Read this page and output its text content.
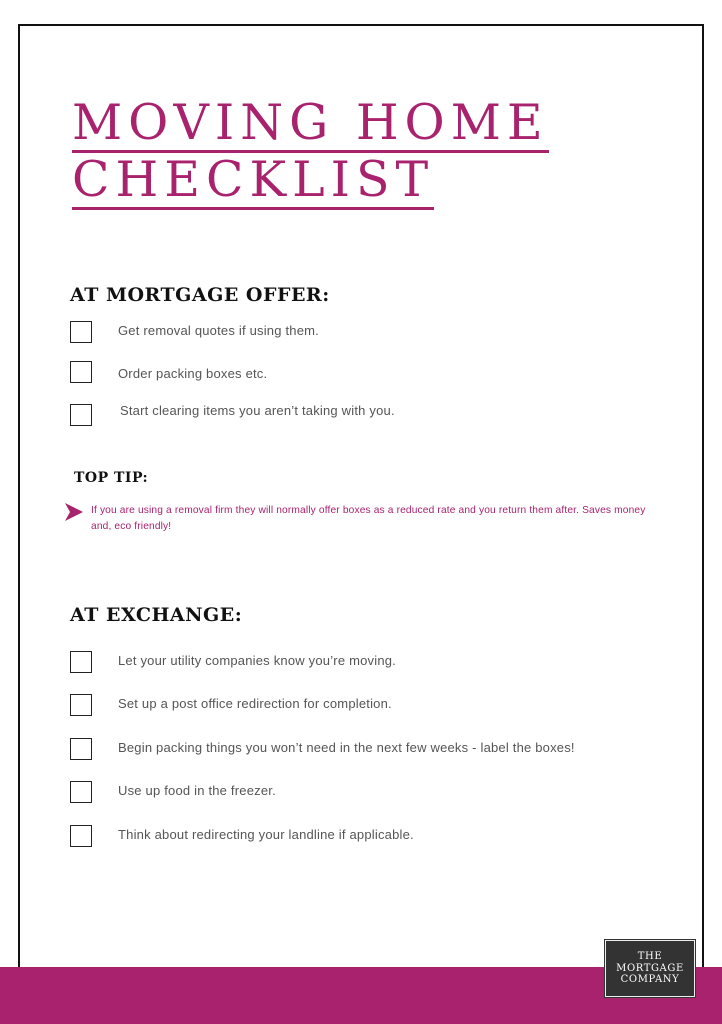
MOVING HOME
CHECKLIST
AT MORTGAGE OFFER:
Get removal quotes if using them.
Order packing boxes etc.
Start clearing items you aren’t taking with you.
TOP TIP:

If you are using a removal firm they will normally offer boxes as a reduced rate and you return them after. Saves money and, eco friendly!

AT EXCHANGE:
Let your utility companies know you’re moving.
Set up a post office redirection for completion.
Begin packing things you won’t need in the next few weeks - label the boxes!
Use up food in the freezer.
Think about redirecting your landline if applicable.
THE
MORTGAGE
COMPANY
